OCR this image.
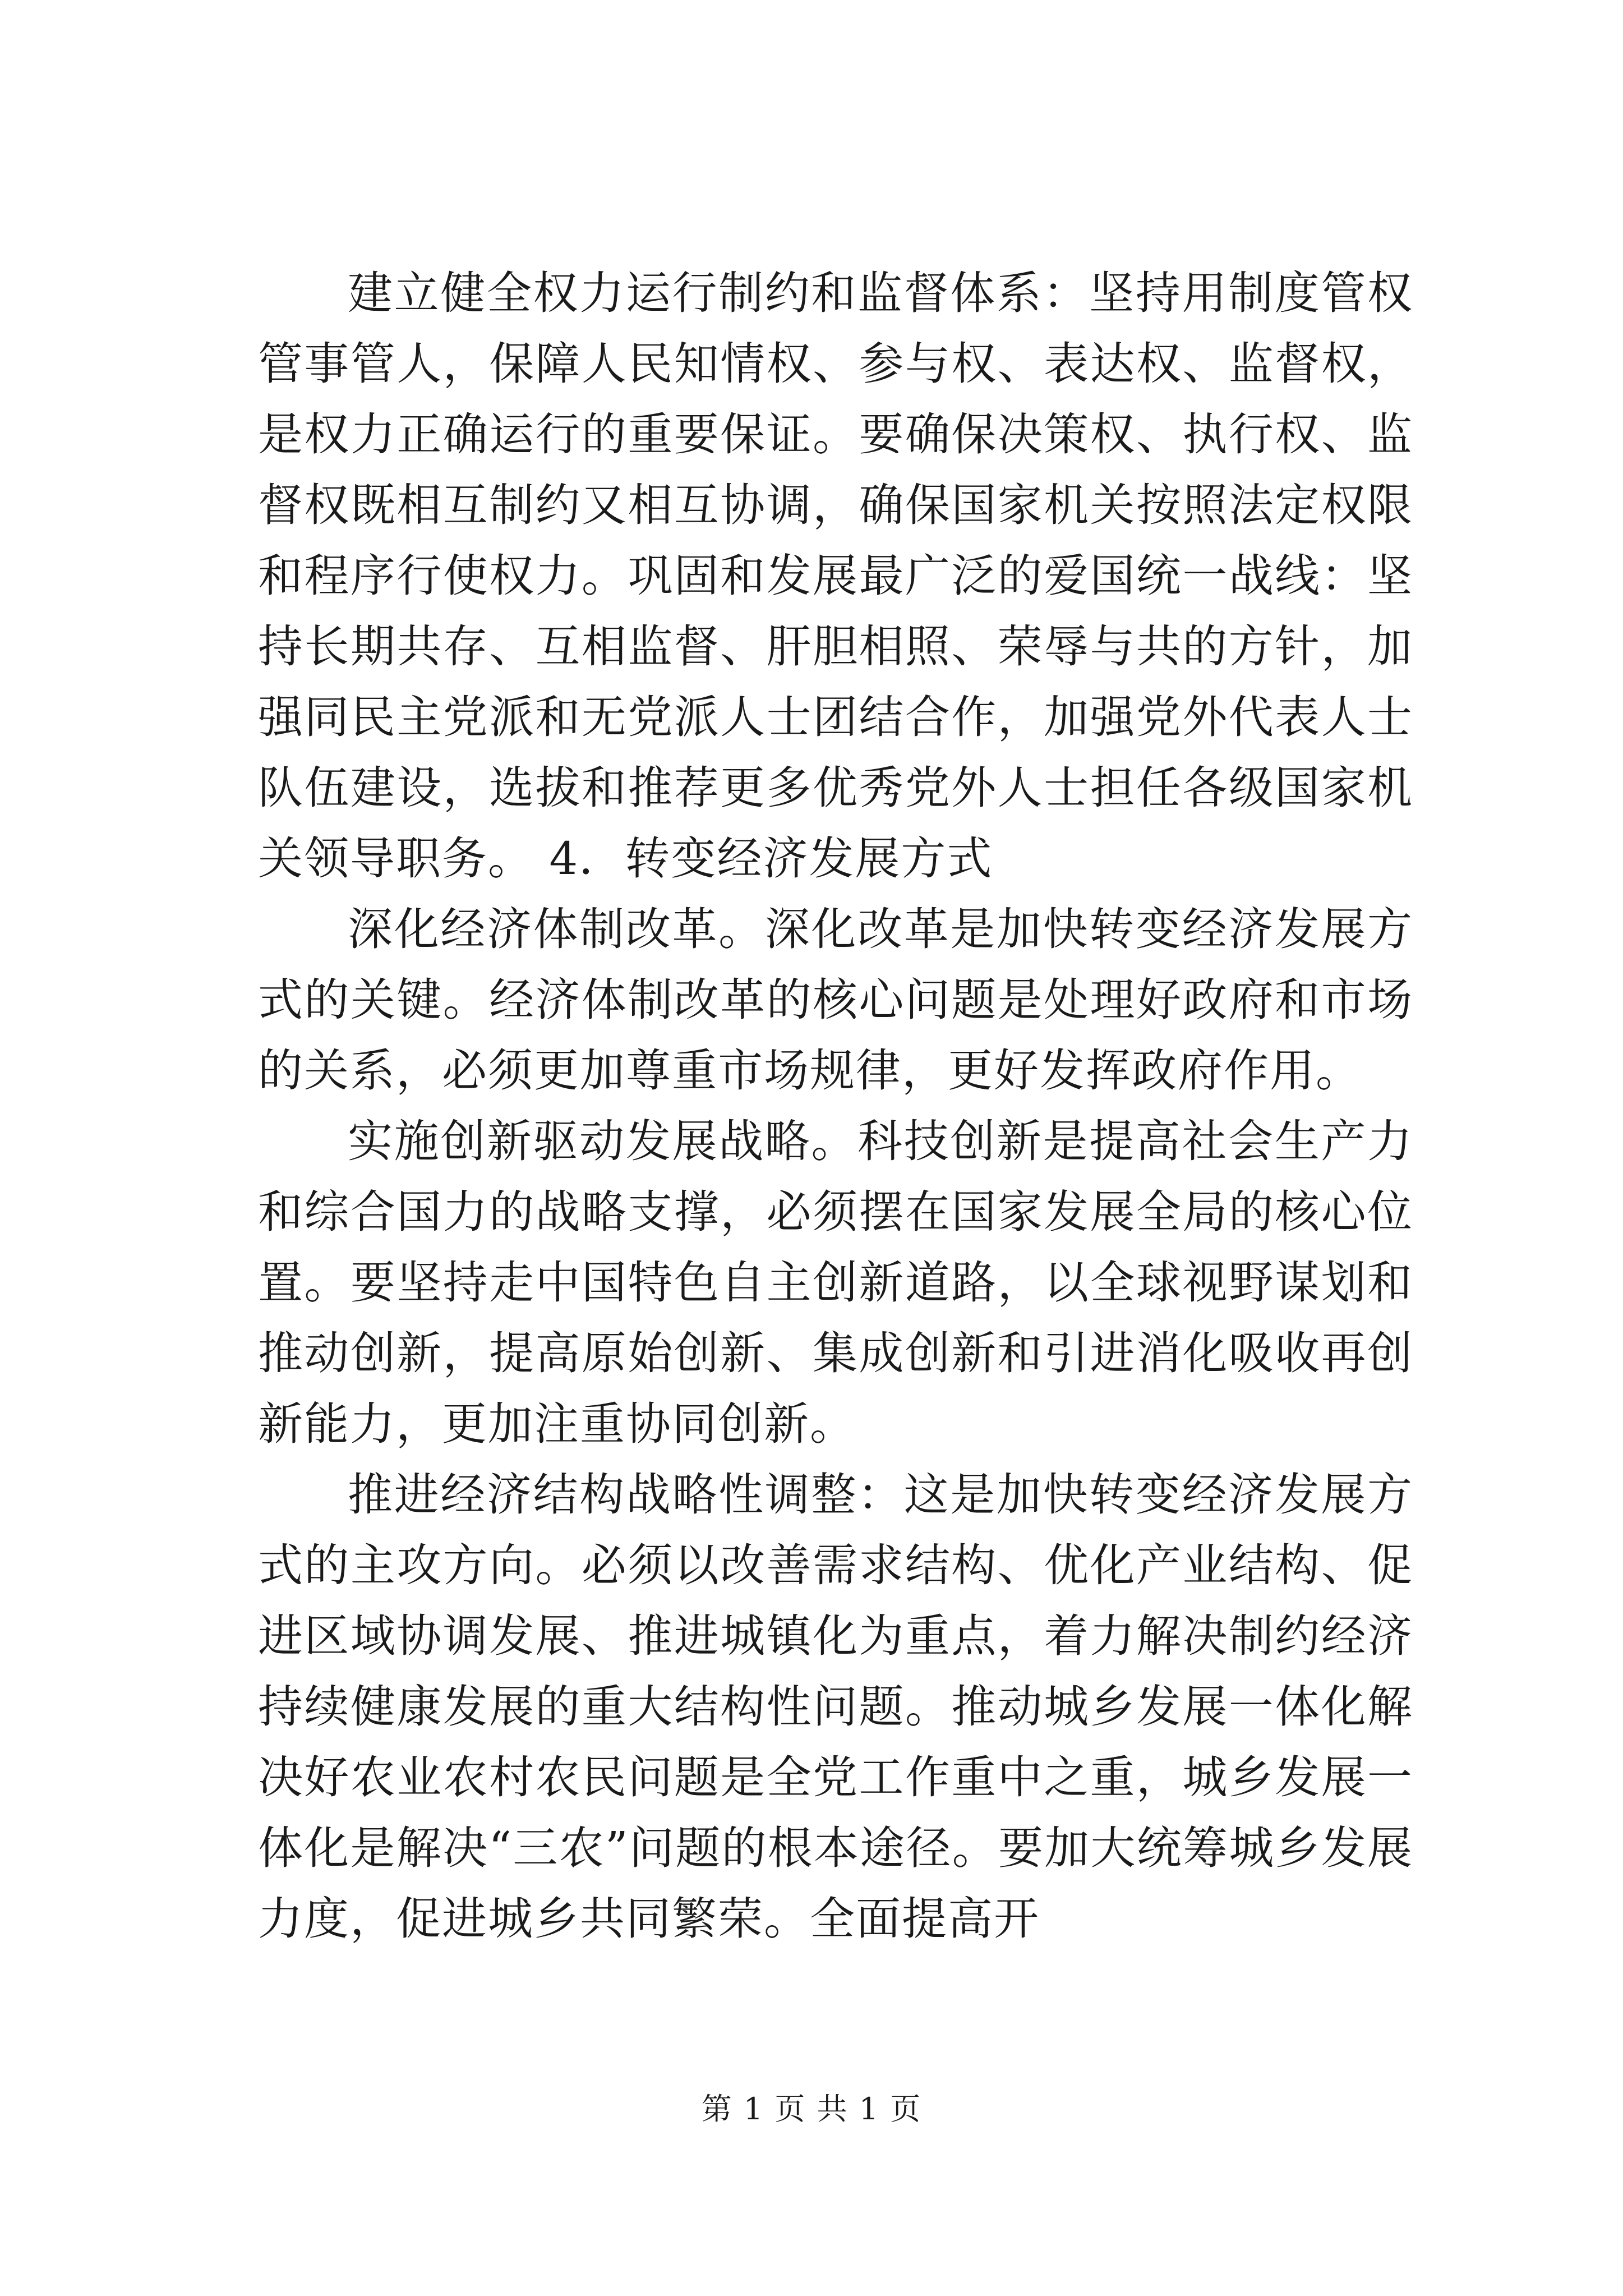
建立健全权力运行制约和监督体系：坚持用制度管权管事管人，保障人民知情权、参与权、表达权、监督权，是权力正确运行的重要保证。要确保决策权、执行权、监督权既相互制约又相互协调，确保国家机关按照法定权限和程序行使权力。巩固和发展最广泛的爱国统一战线：坚持长期共存、互相监督、肝胆相照、荣辱与共的方针，加强同民主党派和无党派人士团结合作，加强党外代表人士队伍建设，选拔和推荐更多优秀党外人士担任各级国家机关领导职务。 4．转变经济发展方式

深化经济体制改革。深化改革是加快转变经济发展方式的关键。经济体制改革的核心问题是处理好政府和市场的关系，必须更加尊重市场规律，更好发挥政府作用。

实施创新驱动发展战略。科技创新是提高社会生产力和综合国力的战略支撑，必须摆在国家发展全局的核心位置。要坚持走中国特色自主创新道路，以全球视野谋划和推动创新，提高原始创新、集成创新和引进消化吸收再创新能力，更加注重协同创新。

推进经济结构战略性调整：这是加快转变经济发展方式的主攻方向。必须以改善需求结构、优化产业结构、促进区域协调发展、推进城镇化为重点，着力解决制约经济持续健康发展的重大结构性问题。推动城乡发展一体化解决好农业农村农民问题是全党工作重中之重，城乡发展一体化是解决“三农”问题的根本途径。要加大统筹城乡发展力度，促进城乡共同繁荣。全面提高开

第 1 页 共 1 页
